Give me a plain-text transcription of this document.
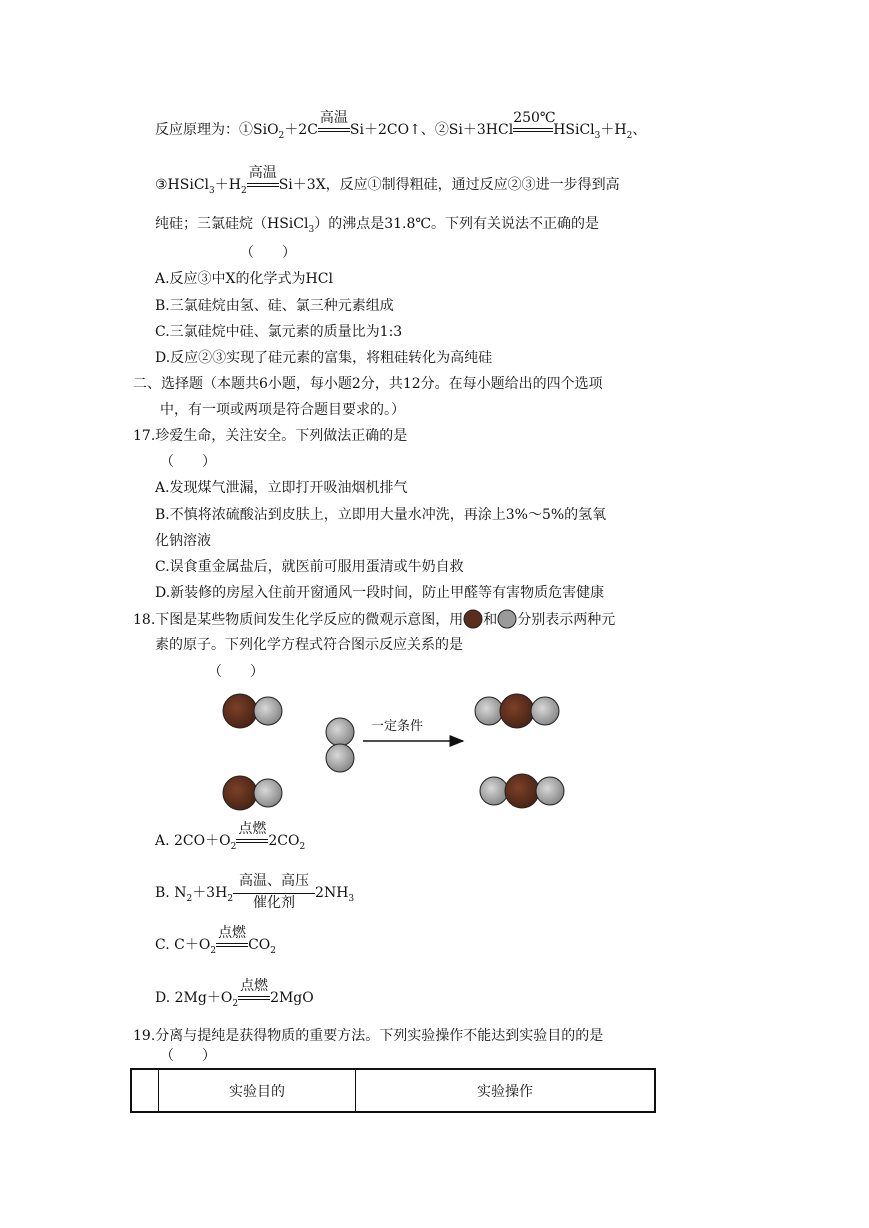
反应原理为：①SiO$_2$＋2C
高温
Si＋2CO↑、②Si＋3HCl
250℃
$HSiCl_3+H_2$、
$③HSiCl_3+H_2$
高温
Si＋3X，反应①制得粗硅，通过反应②③进一步得到高
纯硅；三氯硅烷（HSiCl$_3$）的沸点是31.8℃。下列有关说法不正确的是
（　　）
A.反应③中X的化学式为HCl
B.三氯硅烷由氢、硅、氯三种元素组成
C.三氯硅烷中硅、氯元素的质量比为1:3
D.反应②③实现了硅元素的富集，将粗硅转化为高纯硅
二、选择题（本题共6小题，每小题2分，共12分。在每小题给出的四个选项
中，有一项或两项是符合题目要求的。）
17.珍爱生命，关注安全。下列做法正确的是
（　　）
A.发现煤气泄漏，立即打开吸油烟机排气
B.不慎将浓硫酸沾到皮肤上，立即用大量水冲洗，再涂上3%～5%的氢氧
化钠溶液
C.误食重金属盐后，就医前可服用蛋清或牛奶自救
D.新装修的房屋入住前开窗通风一段时间，防止甲醛等有害物质危害健康
18.下图是某些物质间发生化学反应的微观示意图，用 和 分别表示两种元
素的原子。下列化学方程式符合图示反应关系的是
（　　）
一定条件
A. $2CO+O_2$
点燃
$2CO_2$
B. $N_2+3H_2$
高温、高压
催化剂
$2NH_3$
C. $C+O_2$
点燃
$CO_2$
D. $2Mg+O_2$
点燃
2MgO
19.分离与提纯是获得物质的重要方法。下列实验操作不能达到实验目的的是
（　　）
	实验目的	实验操作
